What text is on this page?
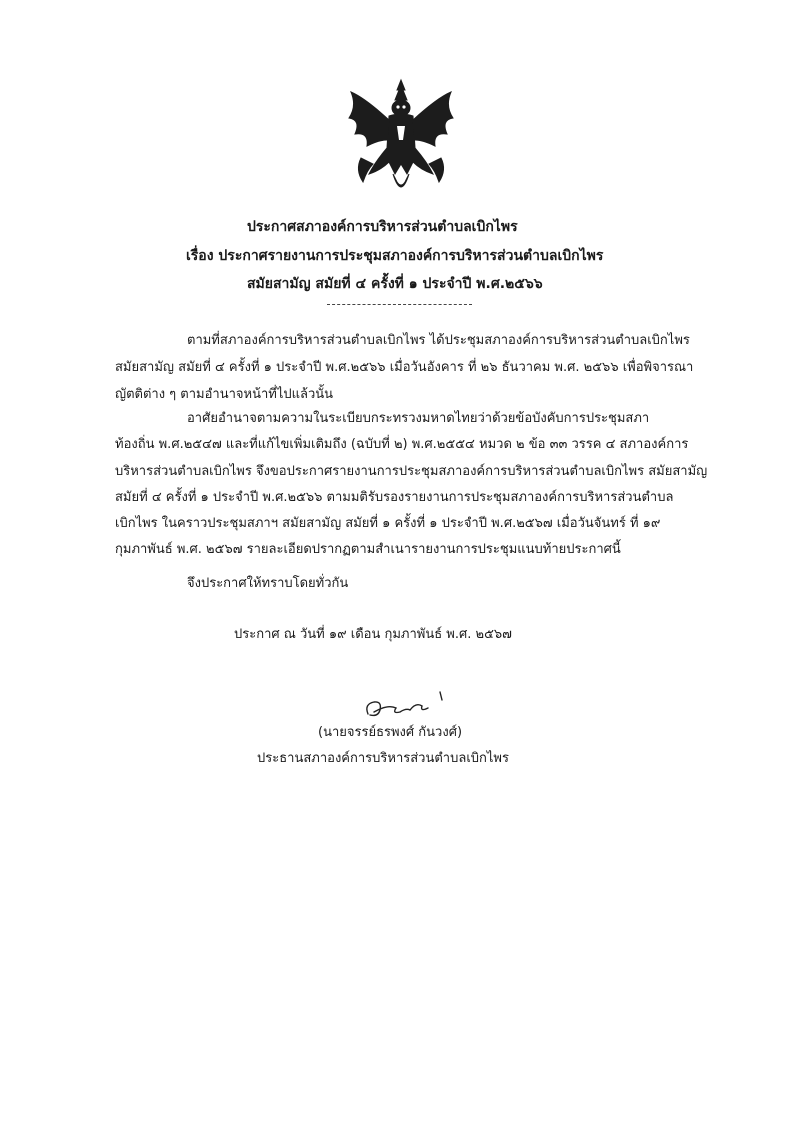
ประกาศสภาองค์การบริหารส่วนตำบลเบิกไพร
เรื่อง ประกาศรายงานการประชุมสภาองค์การบริหารส่วนตำบลเบิกไพร
สมัยสามัญ สมัยที่ ๔ ครั้งที่ ๑ ประจำปี พ.ศ.๒๕๖๖
ตามที่สภาองค์การบริหารส่วนตำบลเบิกไพร ได้ประชุมสภาองค์การบริหารส่วนตำบลเบิกไพร
สมัยสามัญ สมัยที่ ๔ ครั้งที่ ๑ ประจำปี พ.ศ.๒๕๖๖ เมื่อวันอังคาร ที่ ๒๖ ธันวาคม พ.ศ. ๒๕๖๖ เพื่อพิจารณา
ญัตติต่าง ๆ ตามอำนาจหน้าที่ไปแล้วนั้น
อาศัยอำนาจตามความในระเบียบกระทรวงมหาดไทยว่าด้วยข้อบังคับการประชุมสภา
ท้องถิ่น พ.ศ.๒๕๔๗ และที่แก้ไขเพิ่มเติมถึง (ฉบับที่ ๒) พ.ศ.๒๕๕๔ หมวด ๒ ข้อ ๓๓ วรรค ๔ สภาองค์การ
บริหารส่วนตำบลเบิกไพร จึงขอประกาศรายงานการประชุมสภาองค์การบริหารส่วนตำบลเบิกไพร สมัยสามัญ
สมัยที่ ๔ ครั้งที่ ๑ ประจำปี พ.ศ.๒๕๖๖ ตามมติรับรองรายงานการประชุมสภาองค์การบริหารส่วนตำบล
เบิกไพร ในคราวประชุมสภาฯ สมัยสามัญ สมัยที่ ๑ ครั้งที่ ๑ ประจำปี พ.ศ.๒๕๖๗ เมื่อวันจันทร์ ที่ ๑๙
กุมภาพันธ์ พ.ศ. ๒๕๖๗ รายละเอียดปรากฏตามสำเนารายงานการประชุมแนบท้ายประกาศนี้
จึงประกาศให้ทราบโดยทั่วกัน
ประกาศ ณ วันที่ ๑๙ เดือน กุมภาพันธ์ พ.ศ. ๒๕๖๗
(นายจรรย์ธรพงศ์ กันวงศ์)
ประธานสภาองค์การบริหารส่วนตำบลเบิกไพร
